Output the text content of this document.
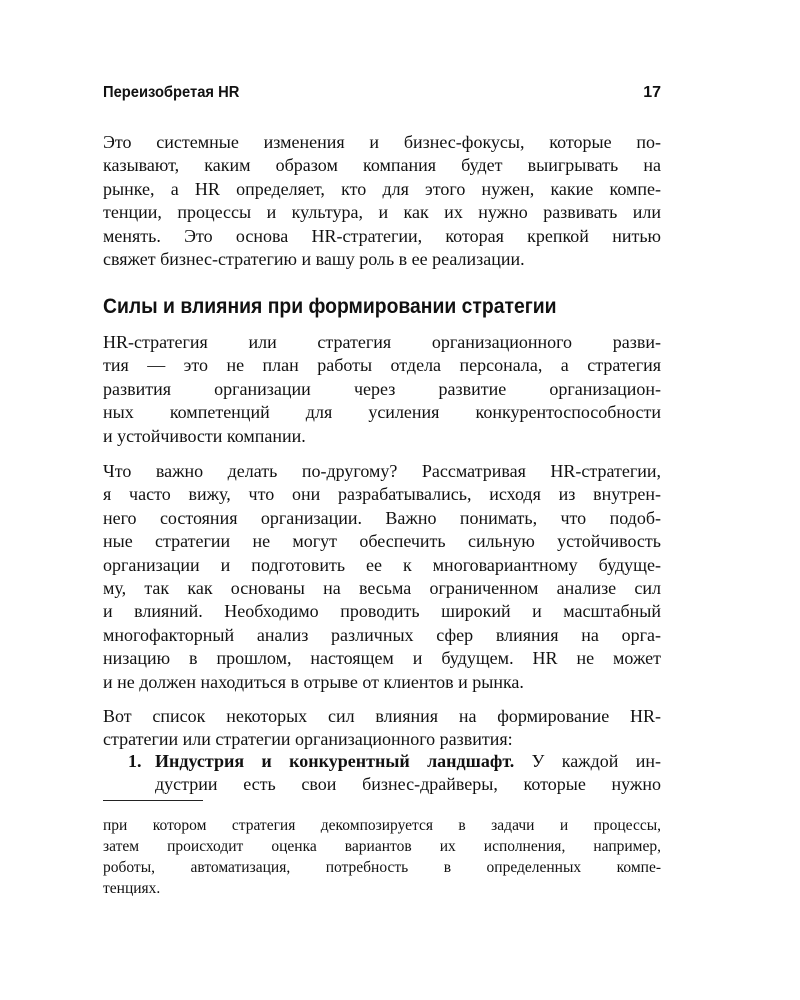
Переизобретая HR	17
Это системные изменения и бизнес-фокусы, которые по-
казывают, каким образом компания будет выигрывать на
рынке, а HR определяет, кто для этого нужен, какие компе-
тенции, процессы и культура, и как их нужно развивать или
менять. Это основа HR-стратегии, которая крепкой нитью
свяжет бизнес-стратегию и вашу роль в ее реализации.
Силы и влияния при формировании стратегии
HR-стратегия или стратегия организационного разви-
тия — это не план работы отдела персонала, а стратегия
развития организации через развитие организацион-
ных компетенций для усиления конкурентоспособности
и устойчивости компании.
Что важно делать по-другому? Рассматривая HR-стратегии,
я часто вижу, что они разрабатывались, исходя из внутрен-
него состояния организации. Важно понимать, что подоб-
ные стратегии не могут обеспечить сильную устойчивость
организации и подготовить ее к многовариантному будуще-
му, так как основаны на весьма ограниченном анализе сил
и влияний. Необходимо проводить широкий и масштабный
многофакторный анализ различных сфер влияния на орга-
низацию в прошлом, настоящем и будущем. HR не может
и не должен находиться в отрыве от клиентов и рынка.
Вот список некоторых сил влияния на формирование HR-
стратегии или стратегии организационного развития:
1. Индустрия и конкурентный ландшафт. У каждой ин-
дустрии есть свои бизнес-драйверы, которые нужно
при котором стратегия декомпозируется в задачи и процессы,
затем происходит оценка вариантов их исполнения, например,
роботы, автоматизация, потребность в определенных компе-
тенциях.
